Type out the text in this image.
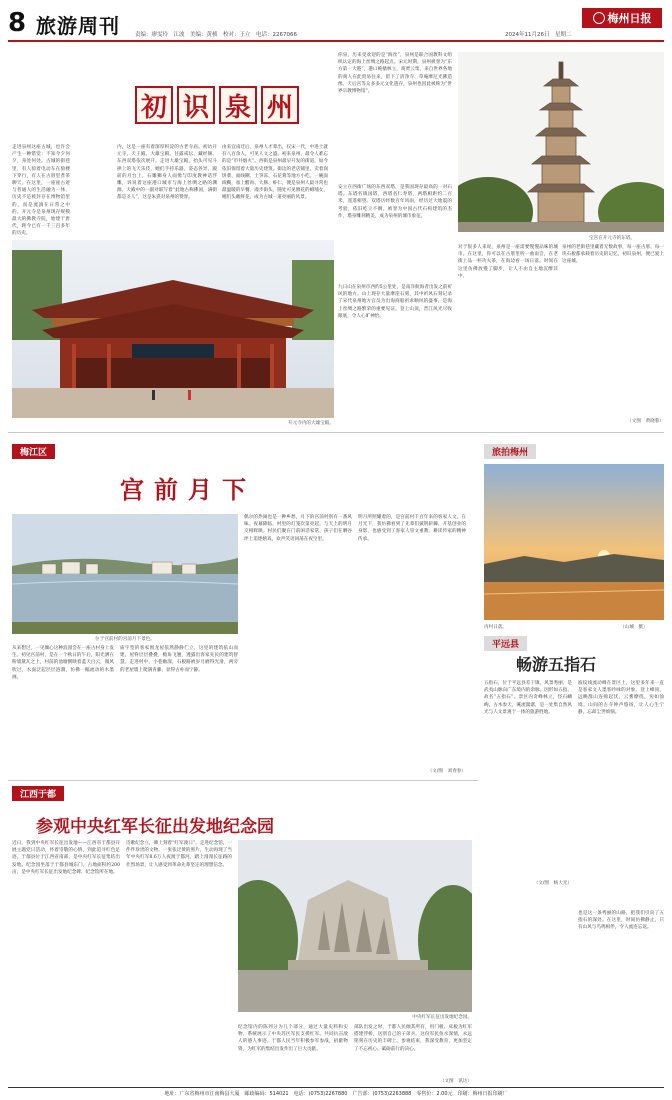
8 旅游周刊	责编：廖雯玲　江波　美编：黄桢　校对：王立　电话：2267066	2024年11月26日　星期二
梅州日报
初 识 泉 州
开元寺内的大雄宝殿。
宝宫在开元寺的东塔。
走进泉州这座古城，也许会产生一种错觉：不知今夕何夕，身处何处。古城的街巷里，有人骑着电动车在骑楼下穿行，有人在古厝里煮茶聊天。在这里，一座座古迹与普通人的生活融为一体，历史不是被封存在博物馆里的，而是流淌在日常之中的。开元寺是泉州现存规模最大的佛教寺院，始建于唐代，距今已有一千三百多年的历史。
内，这是一座有着深厚积淀的古老寺庙。初访开元寺，天王殿、大雄宝殿、甘露戒坛、藏经阁、东西双塔依次展开。走进大雄宝殿，抬头可见斗拱上的飞天乐伎，她们手持乐器，姿态各异。殿前的月台上，石雕狮身人面像与印度教神话浮雕，诉说着这座港口城市与海上丝绸之路的渊源。大殿中的一副对联写着“此地古称佛国，满街都是圣人”，这是朱熹对泉州的赞誉。
由来宜南迁后，泉州人才辈出，仅宋一代，中进士就有八百余人，可见人文之盛。初来泉州，最令人难忘的是“市井烟火”。西街是泉州最早开发的街道，如今依旧保留着大量历史建筑。街边的老店铺里，卖着润饼菜、面线糊、土笋冻、石花膏等地方小吃。一碗面线糊，加上醋肉、大肠、虾仁，便是泉州人最寻常也最温暖的早餐。漫步街头，随处可见簪花的蟳埔女，她们头戴鲜花，成为古城一道亮丽的风景。
你泉，历来受欢迎的是“海丝”，泉州是联合国教科文组织认定的海上丝绸之路起点。宋元时期，泉州被誉为“东方第一大港”，港口桅樯林立，商贾云集，来自世界各地的商人在此贸易往来，留下了清净寺、草庵摩尼光佛造像、天后宫等众多多元文化遗存，泉州也因此被称为“世界宗教博物馆”。
安立在西街广场的东西双塔，是我国现存最高的一对石塔。东塔名镇国塔，西塔名仁寿塔，两塔相距约二百米，遥遥相望。双塔历经数百年风雨，经历过大地震的考验，依旧屹立不倒，被誉为中国古代石构建筑的杰作，塔身雕刻精美，成为泉州的城市象征。
九日山在泉州市西约5公里处，是南洋航海者出发之前祈风的地方。山上现存大量摩崖石刻，其中祈风石刻记录了宋代泉州地方官员为出海商船祈求顺风的盛事，是海上丝绸之路繁荣的重要见证。登上山顶，晋江风光尽收眼底，令人心旷神怡。
对于很多人来说，泉州是一座需要慢慢品味的城市。在这里，你可以在古厝里听一曲南音，在老街上品一杯功夫茶，在海边看一场日落。时间在这里仿佛放慢了脚步，让人不由自主地沉醉其中。
泉州的老街巷里藏着无数故事，每一座古厝、每一块石板都承载着历史的记忆。初识泉州，便已爱上这座城。
（文图　黄晓蓉）
梅江区
宫前月下
位于宫前村的宫前月下景色。
从来想过，一见倾心这种浪漫会在一座古村身上发生。初见宫前村，是在一个秋日的午后，阳光洒在粉墙黛瓦之上，村前的池塘倒映着蓝天白云，微风吹过，水面泛起层层涟漪，仿佛一幅流动的水墨画。
庙宇型的客家围龙屋依然静静伫立，这里的建筑依山而建，屋脊层层叠叠，檐角飞翘，透露出客家先民的建筑智慧。走进村中，小巷幽深，石板路被岁月磨得光滑，两旁的老屋墙上爬满青藤，显得古朴而宁静。
偶尔的热闹也是一种乡愁，月下的宫前村别有一番风味。夜幕降临，村里的灯笼次第亮起，与天上的明月交相辉映。村民们聚在门前闲话家常，孩子们在晒谷坪上追逐嬉戏，欢声笑语回荡在夜空里。
明月所照耀着的，是宫前村千百年来的客家人文。在月光下，我仿佛看到了先辈们披荆斩棘、开基创业的身影，也感受到了客家人崇文重教、耕读传家的精神传承。
（文/图　刘春春）
旅拍梅州
丙村日落。	（山城　摄）
平远县
畅游五指石
五指石，位于平远县差干镇，风景秀丽，是武夷山脉向广东境内的余脉。因形如五指，故名“五指石”。景区内奇峰林立，怪石嶙峋，古木参天，溪流潺潺，是一处集自然风光与人文景观于一体的旅游胜地。
波纹线流动峰在景区上，这里多年来一直是客家文人墨客吟咏的对象。登上峰顶，远眺群山连绵起伏，云雾缭绕，宛如仙境。山间的古寺钟声悠扬，让人心生宁静，忘却尘世烦恼。
也是这一条秀丽的山路，把我们引向了五指石的深处。在这里，时间仿佛静止，只有山风与鸟鸣相伴，令人流连忘返。
（文/图　杨大光）
江西于都
参观中央红军长征出发地纪念园
近日，我到中央红军长征出发地——江西省于都县开展主题党日活动，怀着崇敬的心情，到此追寻红色足迹。于都县位于江西省南部，是中央红军长征集结出发地。纪念园坐落于于都县城东门，占地面积约200亩，是中央红军长征出发地纪念碑、纪念馆所在地。
诗歌纪念立，碑上刻着“红军渡口”。走进纪念馆，一件件珍贵的文物、一张张泛黄的照片，生动再现了当年中央红军8.6万人夜渡于都河、踏上漫漫长征路的壮烈场景，让人感受到革命先辈坚定的理想信念。
中央红军长征出发地纪念园。
纪念馆内的陈列分为几个部分，通过大量史料和实物，系统展示了中央苏区军民支援红军、共同抗击敌人的感人事迹。于都人民当年积极参军参战，捐献物资，为红军的集结出发作出了巨大贡献。
部队出发之时，于都人民倾其所有，用门板、床板为红军搭建浮桥，送别自己的子弟兵。这份军民鱼水深情，永远铭刻在历史的丰碑上。参观结束，我深受教育，更加坚定了不忘初心、砥砺前行的决心。
（文图　讯达）
地址：广东省梅州市江南梅县大厦　邮政编码：514021　电话：(0753)2267880　广告部：(0753)2263888　零售价：2.00元　印刷：梅州日报印刷厂
